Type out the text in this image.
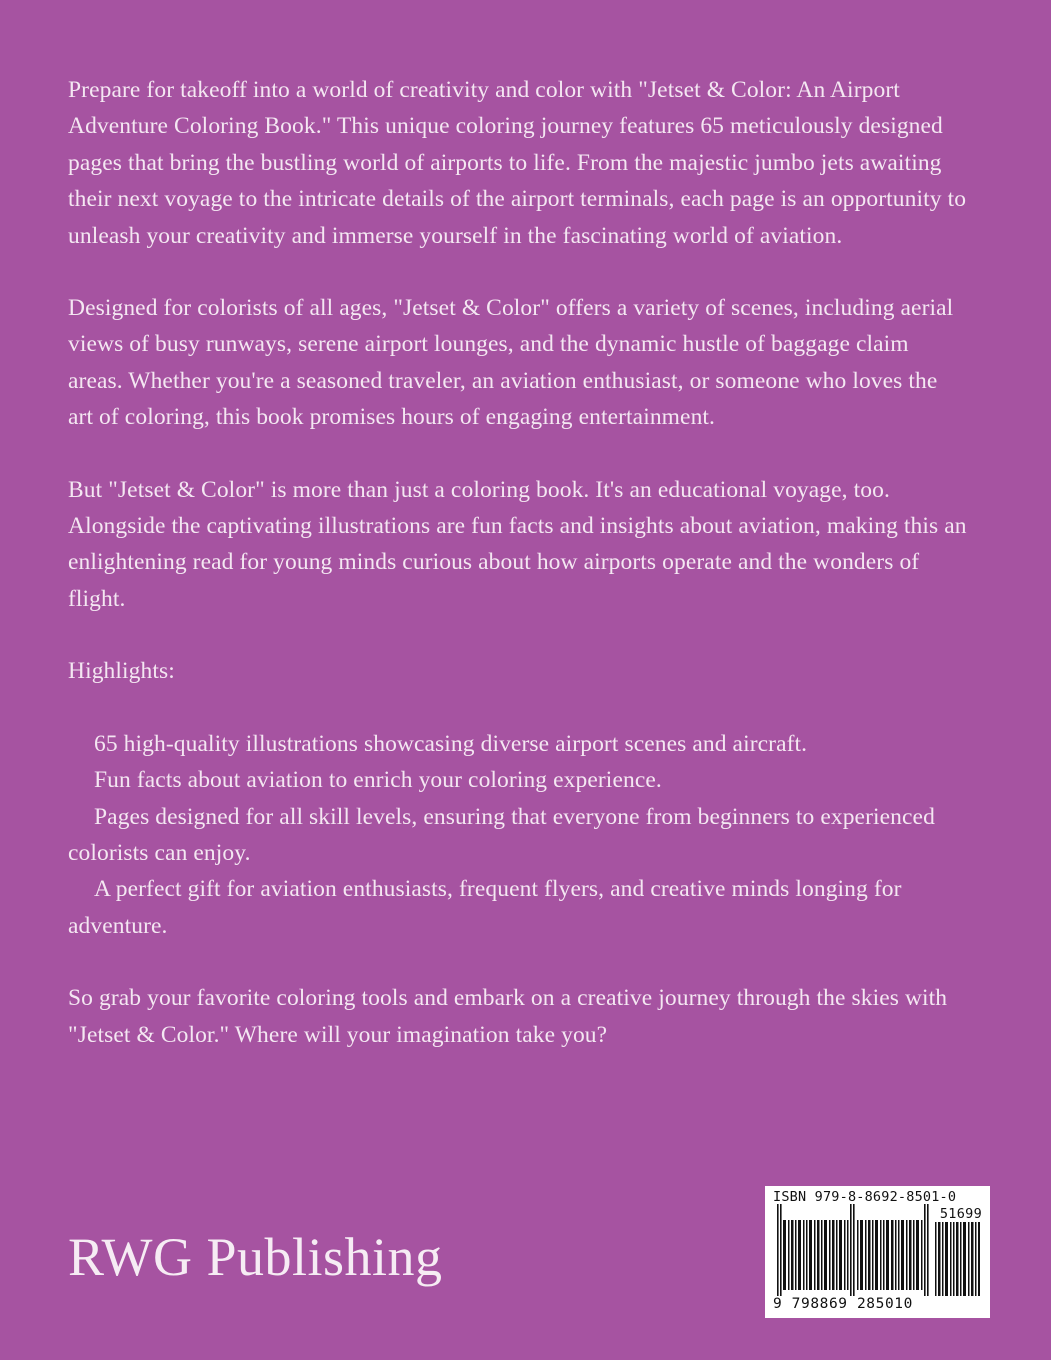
Prepare for takeoff into a world of creativity and color with "Jetset & Color: An Airport Adventure Coloring Book." This unique coloring journey features 65 meticulously designed pages that bring the bustling world of airports to life. From the majestic jumbo jets awaiting their next voyage to the intricate details of the airport terminals, each page is an opportunity to unleash your creativity and immerse yourself in the fascinating world of aviation.

Designed for colorists of all ages, "Jetset & Color" offers a variety of scenes, including aerial views of busy runways, serene airport lounges, and the dynamic hustle of baggage claim areas. Whether you're a seasoned traveler, an aviation enthusiast, or someone who loves the art of coloring, this book promises hours of engaging entertainment.

But "Jetset & Color" is more than just a coloring book. It's an educational voyage, too. Alongside the captivating illustrations are fun facts and insights about aviation, making this an enlightening read for young minds curious about how airports operate and the wonders of flight.

Highlights:

65 high-quality illustrations showcasing diverse airport scenes and aircraft.
Fun facts about aviation to enrich your coloring experience.
Pages designed for all skill levels, ensuring that everyone from beginners to experienced colorists can enjoy.
A perfect gift for aviation enthusiasts, frequent flyers, and creative minds longing for adventure.

So grab your favorite coloring tools and embark on a creative journey through the skies with "Jetset & Color." Where will your imagination take you?

RWG Publishing
ISBN 979-8-8692-8501-0
51699
9 798869 285010
